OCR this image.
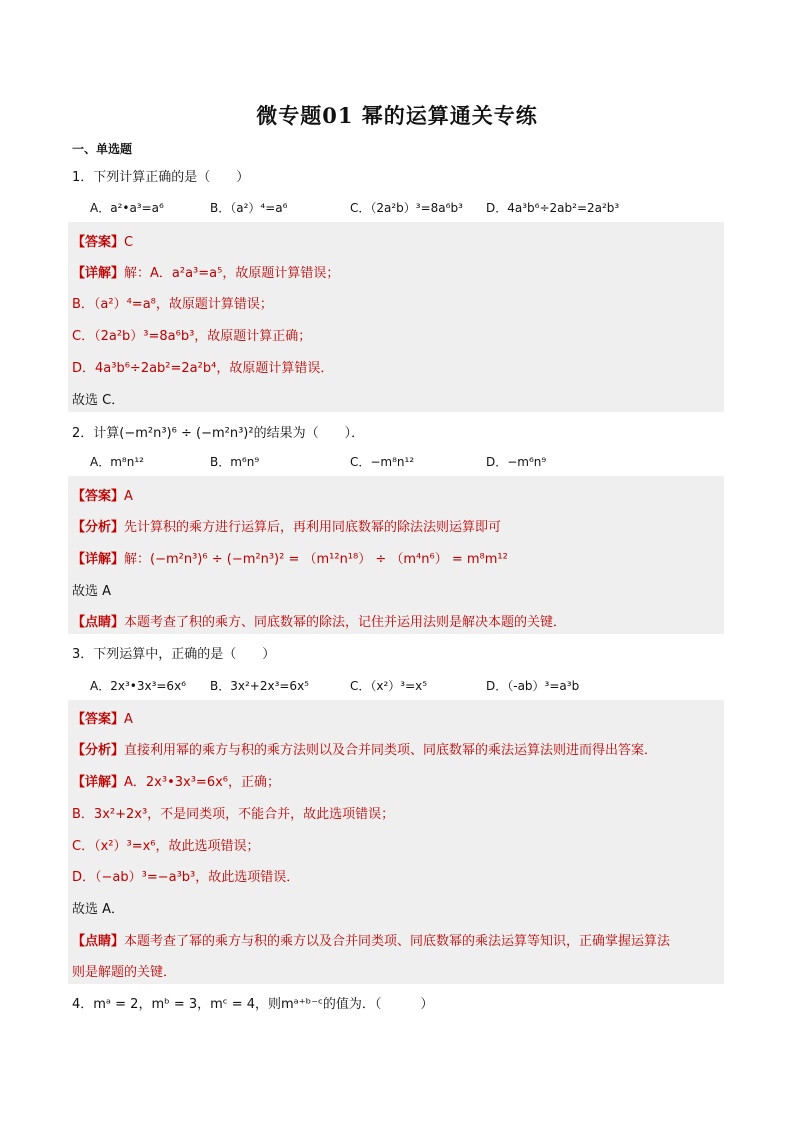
微专题01 幂的运算通关专练
一、单选题
1．下列计算正确的是（　　）
A．a²•a³=a⁶	B．（a²）⁴=a⁶	C．（2a²b）³=8a⁶b³ D．4a³b⁶÷2ab²=2a²b³
【答案】C
【详解】解：A．a²a³=a⁵，故原题计算错误；
B．（a²）⁴=a⁸，故原题计算错误；
C．（2a²b）³=8a⁶b³，故原题计算正确；
D．4a³b⁶÷2ab²=2a²b⁴，故原题计算错误．
故选 C．
2．计算(−m²n³)⁶ ÷ (−m²n³)²的结果为（　　）．
A．m⁸n¹²	B．m⁶n⁹	C．−m⁸n¹²	D．−m⁶n⁹
【答案】A
【分析】先计算积的乘方进行运算后，再利用同底数幂的除法法则运算即可
【详解】解：(−m²n³)⁶ ÷ (−m²n³)² = （m¹²n¹⁸） ÷ （m⁴n⁶） = m⁸m¹²
故选 A
【点睛】本题考查了积的乘方、同底数幂的除法，记住并运用法则是解决本题的关键．
3．下列运算中，正确的是（　　）
A．2x³•3x³=6x⁶ B．3x²+2x³=6x⁵	C．（x²）³=x⁵	D．（-ab）³=a³b
【答案】A
【分析】直接利用幂的乘方与积的乘方法则以及合并同类项、同底数幂的乘法运算法则进而得出答案．
【详解】A．2x³•3x³=6x⁶，正确；
B．3x²+2x³，不是同类项，不能合并，故此选项错误；
C．（x²）³=x⁶，故此选项错误；
D．（−ab）³=−a³b³，故此选项错误．
故选 A．
【点睛】本题考查了幂的乘方与积的乘方以及合并同类项、同底数幂的乘法运算等知识，正确掌握运算法
则是解题的关键．
4．mᵃ = 2，mᵇ = 3，mᶜ = 4，则mᵃ⁺ᵇ⁻ᶜ的值为．（　　　）
